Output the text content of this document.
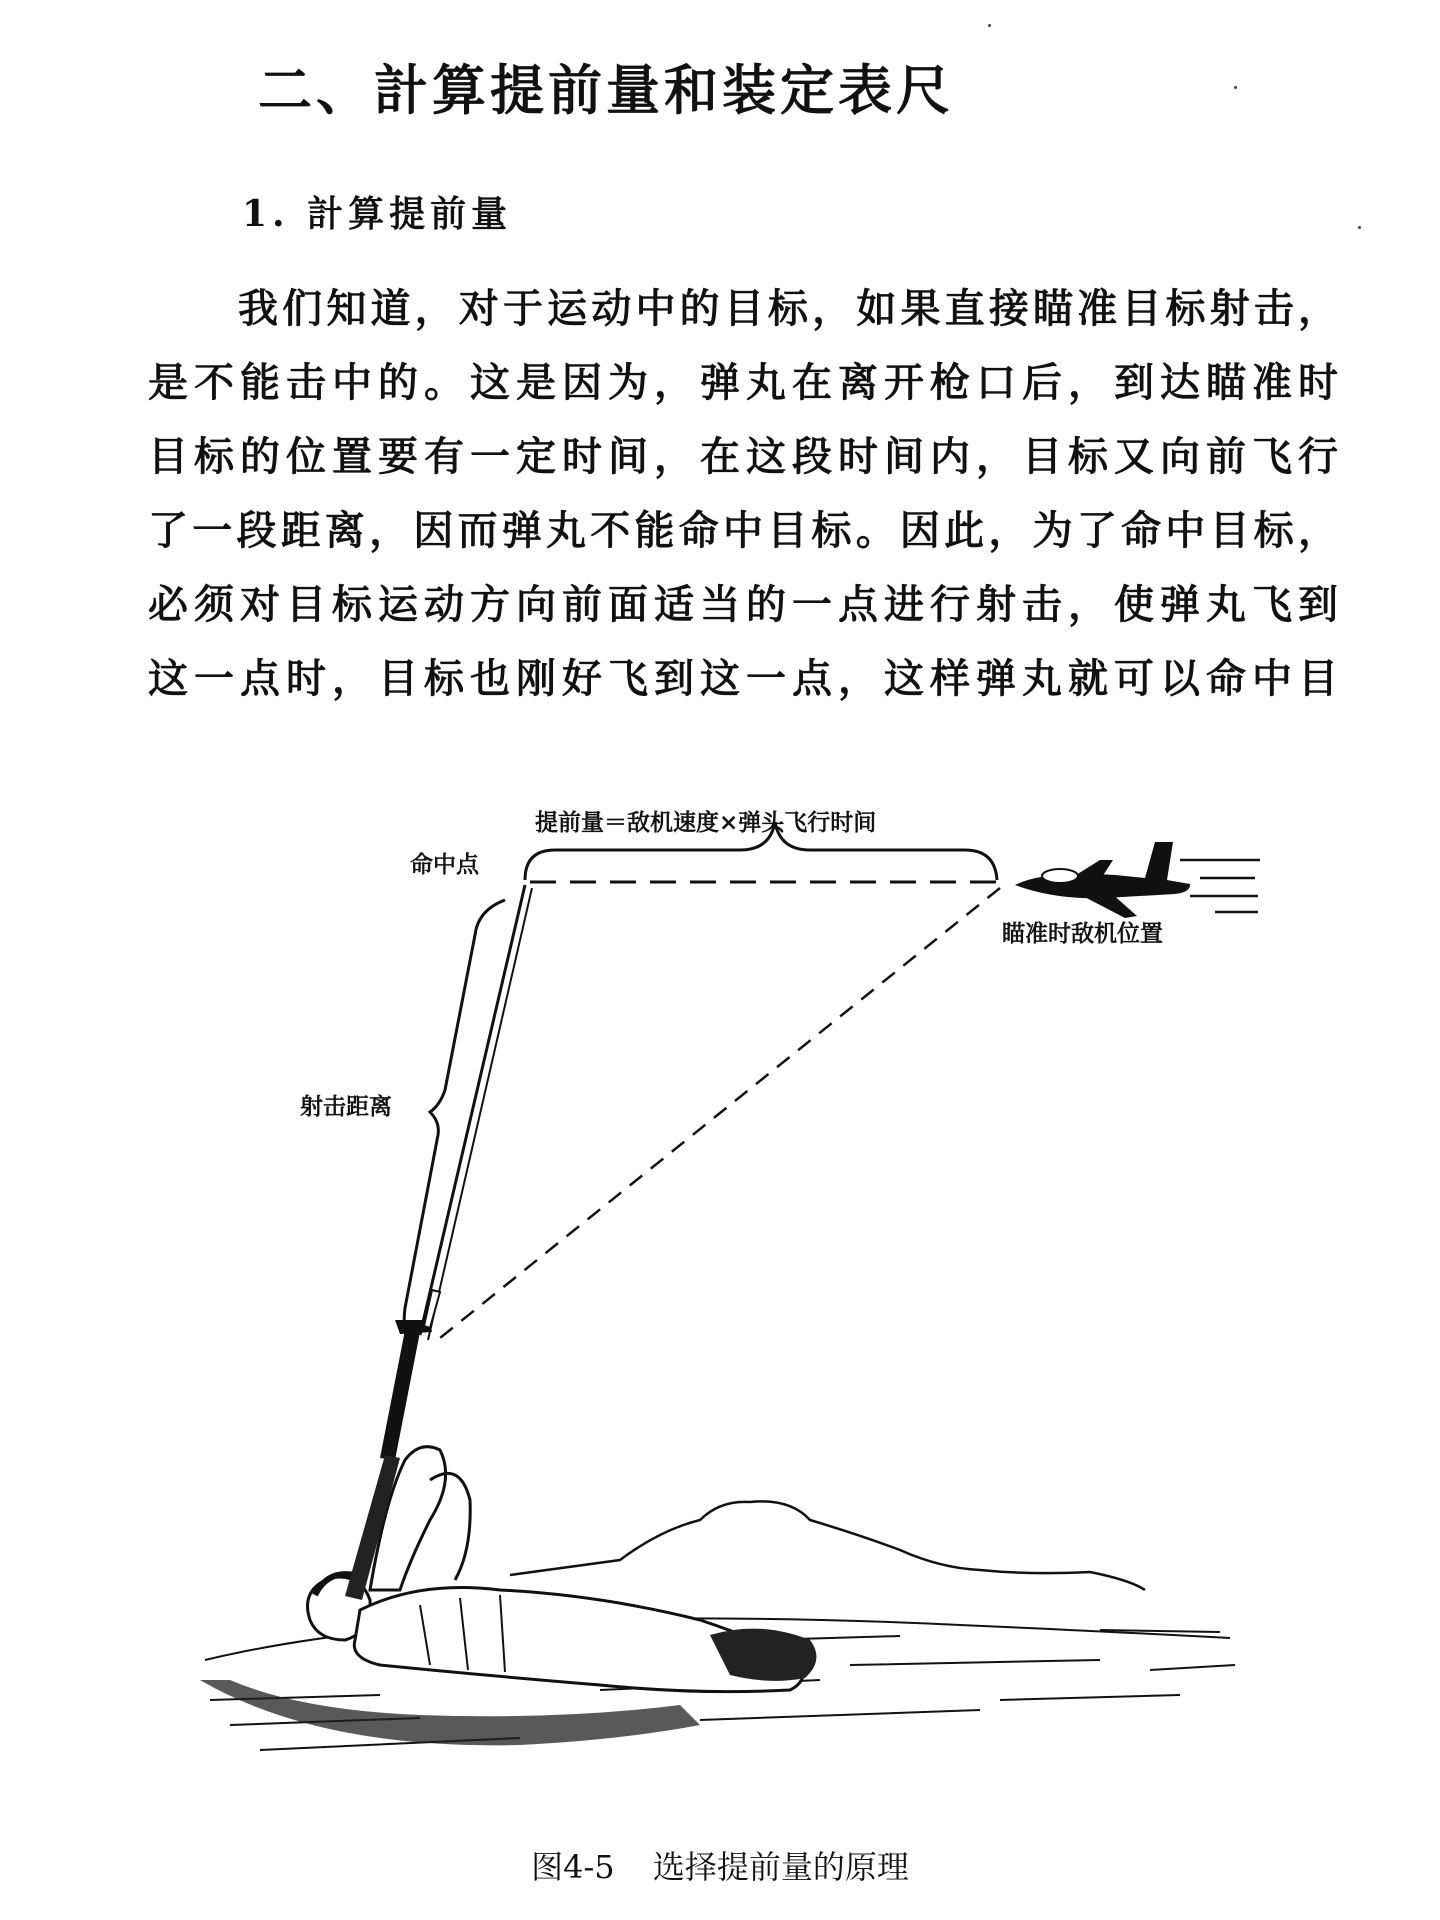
二、計算提前量和装定表尺
1. 計算提前量
我们知道，对于运动中的目标，如果直接瞄准目标射击，
是不能击中的。这是因为，弹丸在离开枪口后，到达瞄准时
目标的位置要有一定时间，在这段时间内，目标又向前飞行
了一段距离，因而弹丸不能命中目标。因此，为了命中目标，
必须对目标运动方向前面适当的一点进行射击，使弹丸飞到
这一点时，目标也刚好飞到这一点，这样弹丸就可以命中目
提前量＝敌机速度×弹头飞行时间
命中点
射击距离
瞄准时敌机位置
图4-5 选择提前量的原理
